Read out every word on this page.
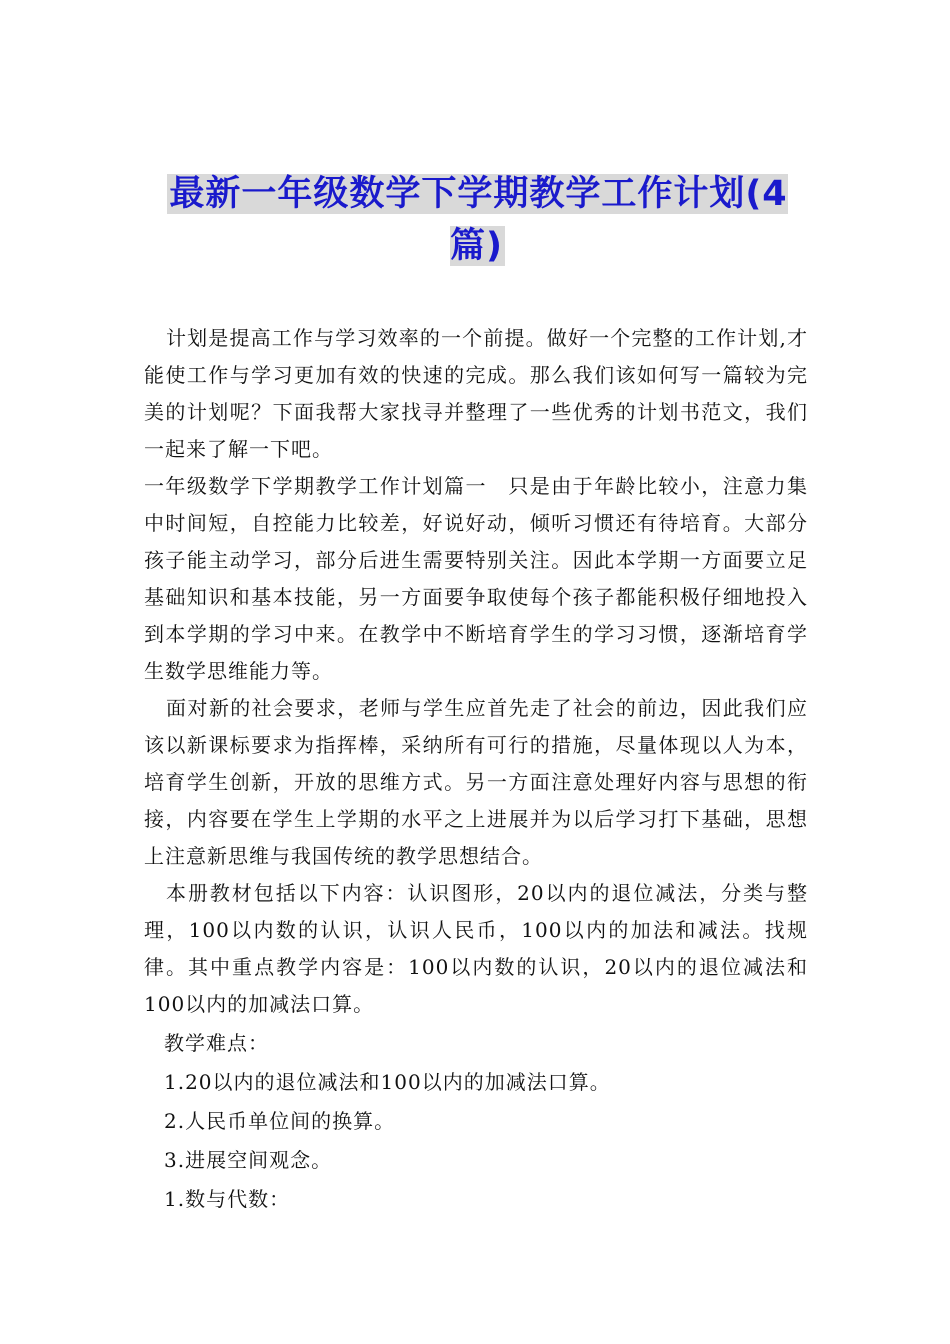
最新一年级数学下学期教学工作计划(4篇)

计划是提高工作与学习效率的一个前提。做好一个完整的工作计划,才能使工作与学习更加有效的快速的完成。那么我们该如何写一篇较为完美的计划呢？下面我帮大家找寻并整理了一些优秀的计划书范文，我们一起来了解一下吧。

一年级数学下学期教学工作计划篇一　只是由于年龄比较小，注意力集中时间短，自控能力比较差，好说好动，倾听习惯还有待培育。大部分孩子能主动学习，部分后进生需要特别关注。因此本学期一方面要立足基础知识和基本技能，另一方面要争取使每个孩子都能积极仔细地投入到本学期的学习中来。在教学中不断培育学生的学习习惯，逐渐培育学生数学思维能力等。

面对新的社会要求，老师与学生应首先走了社会的前边，因此我们应该以新课标要求为指挥棒，采纳所有可行的措施，尽量体现以人为本，培育学生创新，开放的思维方式。另一方面注意处理好内容与思想的衔接，内容要在学生上学期的水平之上进展并为以后学习打下基础，思想上注意新思维与我国传统的教学思想结合。

本册教材包括以下内容：认识图形，20以内的退位减法，分类与整理，100以内数的认识，认识人民币，100以内的加法和减法。找规律。其中重点教学内容是：100以内数的认识，20以内的退位减法和100以内的加减法口算。

教学难点：

1.20以内的退位减法和100以内的加减法口算。

2.人民币单位间的换算。

3.进展空间观念。

1.数与代数：
